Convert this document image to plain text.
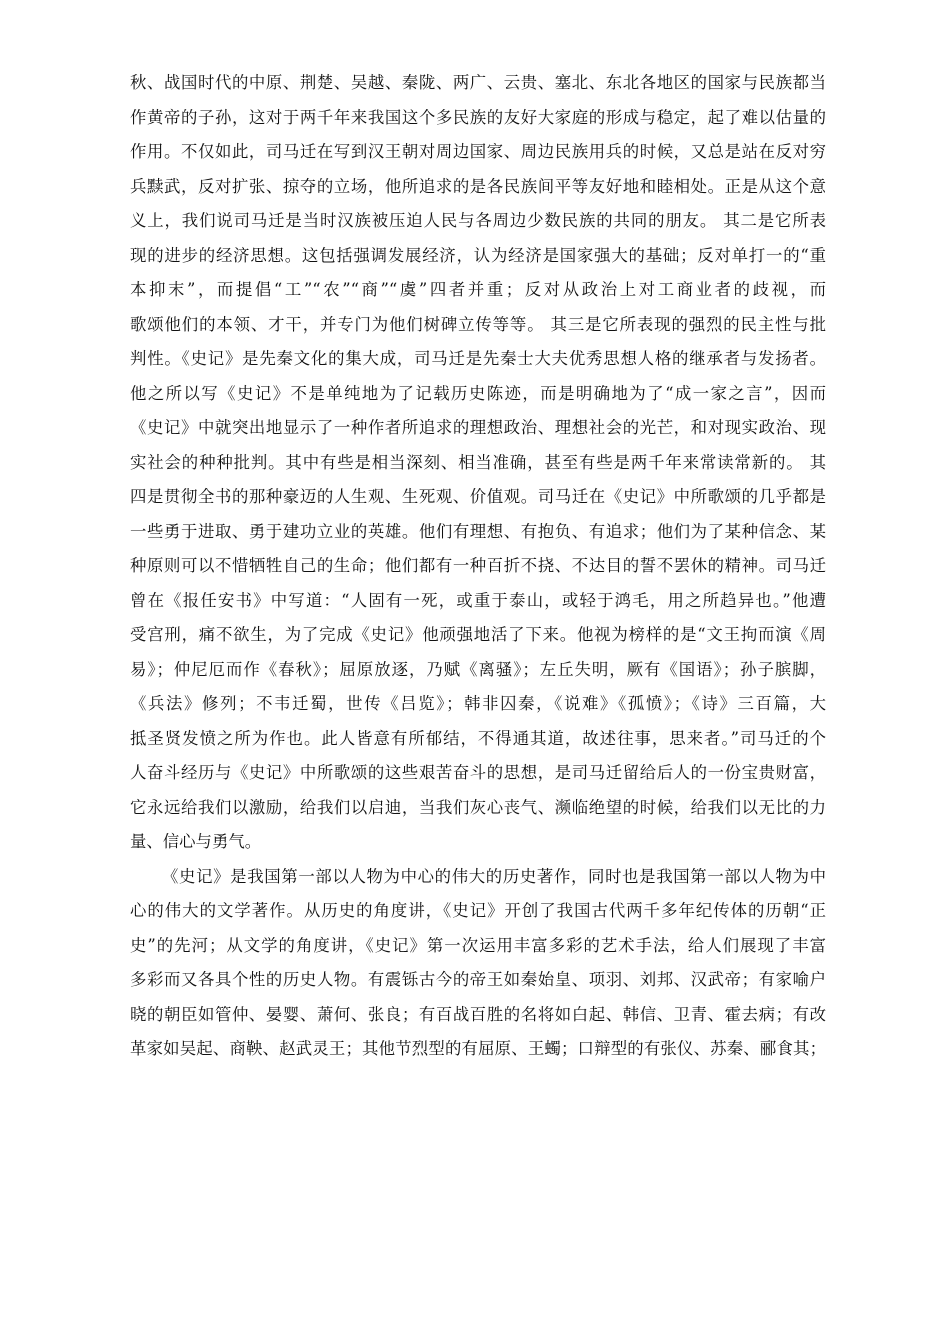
秋、战国时代的中原、荆楚、吴越、秦陇、两广、云贵、塞北、东北各地区的国家与民族都当
作黄帝的子孙，这对于两千年来我国这个多民族的友好大家庭的形成与稳定，起了难以估量的
作用。不仅如此，司马迁在写到汉王朝对周边国家、周边民族用兵的时候，又总是站在反对穷
兵黩武，反对扩张、掠夺的立场，他所追求的是各民族间平等友好地和睦相处。正是从这个意
义上，我们说司马迁是当时汉族被压迫人民与各周边少数民族的共同的朋友。 其二是它所表
现的进步的经济思想。这包括强调发展经济，认为经济是国家强大的基础；反对单打一的“重
本抑末”，而提倡“工”“农”“商”“虞”四者并重；反对从政治上对工商业者的歧视，而
歌颂他们的本领、才干，并专门为他们树碑立传等等。 其三是它所表现的强烈的民主性与批
判性。《史记》是先秦文化的集大成，司马迁是先秦士大夫优秀思想人格的继承者与发扬者。
他之所以写《史记》不是单纯地为了记载历史陈迹，而是明确地为了“成一家之言”，因而
《史记》中就突出地显示了一种作者所追求的理想政治、理想社会的光芒，和对现实政治、现
实社会的种种批判。其中有些是相当深刻、相当准确，甚至有些是两千年来常读常新的。 其
四是贯彻全书的那种豪迈的人生观、生死观、价值观。司马迁在《史记》中所歌颂的几乎都是
一些勇于进取、勇于建功立业的英雄。他们有理想、有抱负、有追求；他们为了某种信念、某
种原则可以不惜牺牲自己的生命；他们都有一种百折不挠、不达目的誓不罢休的精神。司马迁
曾在《报任安书》中写道：“人固有一死，或重于泰山，或轻于鸿毛，用之所趋异也。”他遭
受宫刑，痛不欲生，为了完成《史记》他顽强地活了下来。他视为榜样的是“文王拘而演《周
易》；仲尼厄而作《春秋》；屈原放逐，乃赋《离骚》；左丘失明，厥有《国语》；孙子膑脚，
《兵法》修列；不韦迁蜀，世传《吕览》；韩非囚秦，《说难》《孤愤》；《诗》三百篇，大
抵圣贤发愤之所为作也。此人皆意有所郁结，不得通其道，故述往事，思来者。”司马迁的个
人奋斗经历与《史记》中所歌颂的这些艰苦奋斗的思想，是司马迁留给后人的一份宝贵财富，
它永远给我们以激励，给我们以启迪，当我们灰心丧气、濒临绝望的时候，给我们以无比的力
量、信心与勇气。
《史记》是我国第一部以人物为中心的伟大的历史著作，同时也是我国第一部以人物为中
心的伟大的文学著作。从历史的角度讲，《史记》开创了我国古代两千多年纪传体的历朝“正
史”的先河；从文学的角度讲，《史记》第一次运用丰富多彩的艺术手法，给人们展现了丰富
多彩而又各具个性的历史人物。有震铄古今的帝王如秦始皇、项羽、刘邦、汉武帝；有家喻户
晓的朝臣如管仲、晏婴、萧何、张良；有百战百胜的名将如白起、韩信、卫青、霍去病；有改
革家如吴起、商鞅、赵武灵王；其他节烈型的有屈原、王蠋；口辩型的有张仪、苏秦、郦食其；
